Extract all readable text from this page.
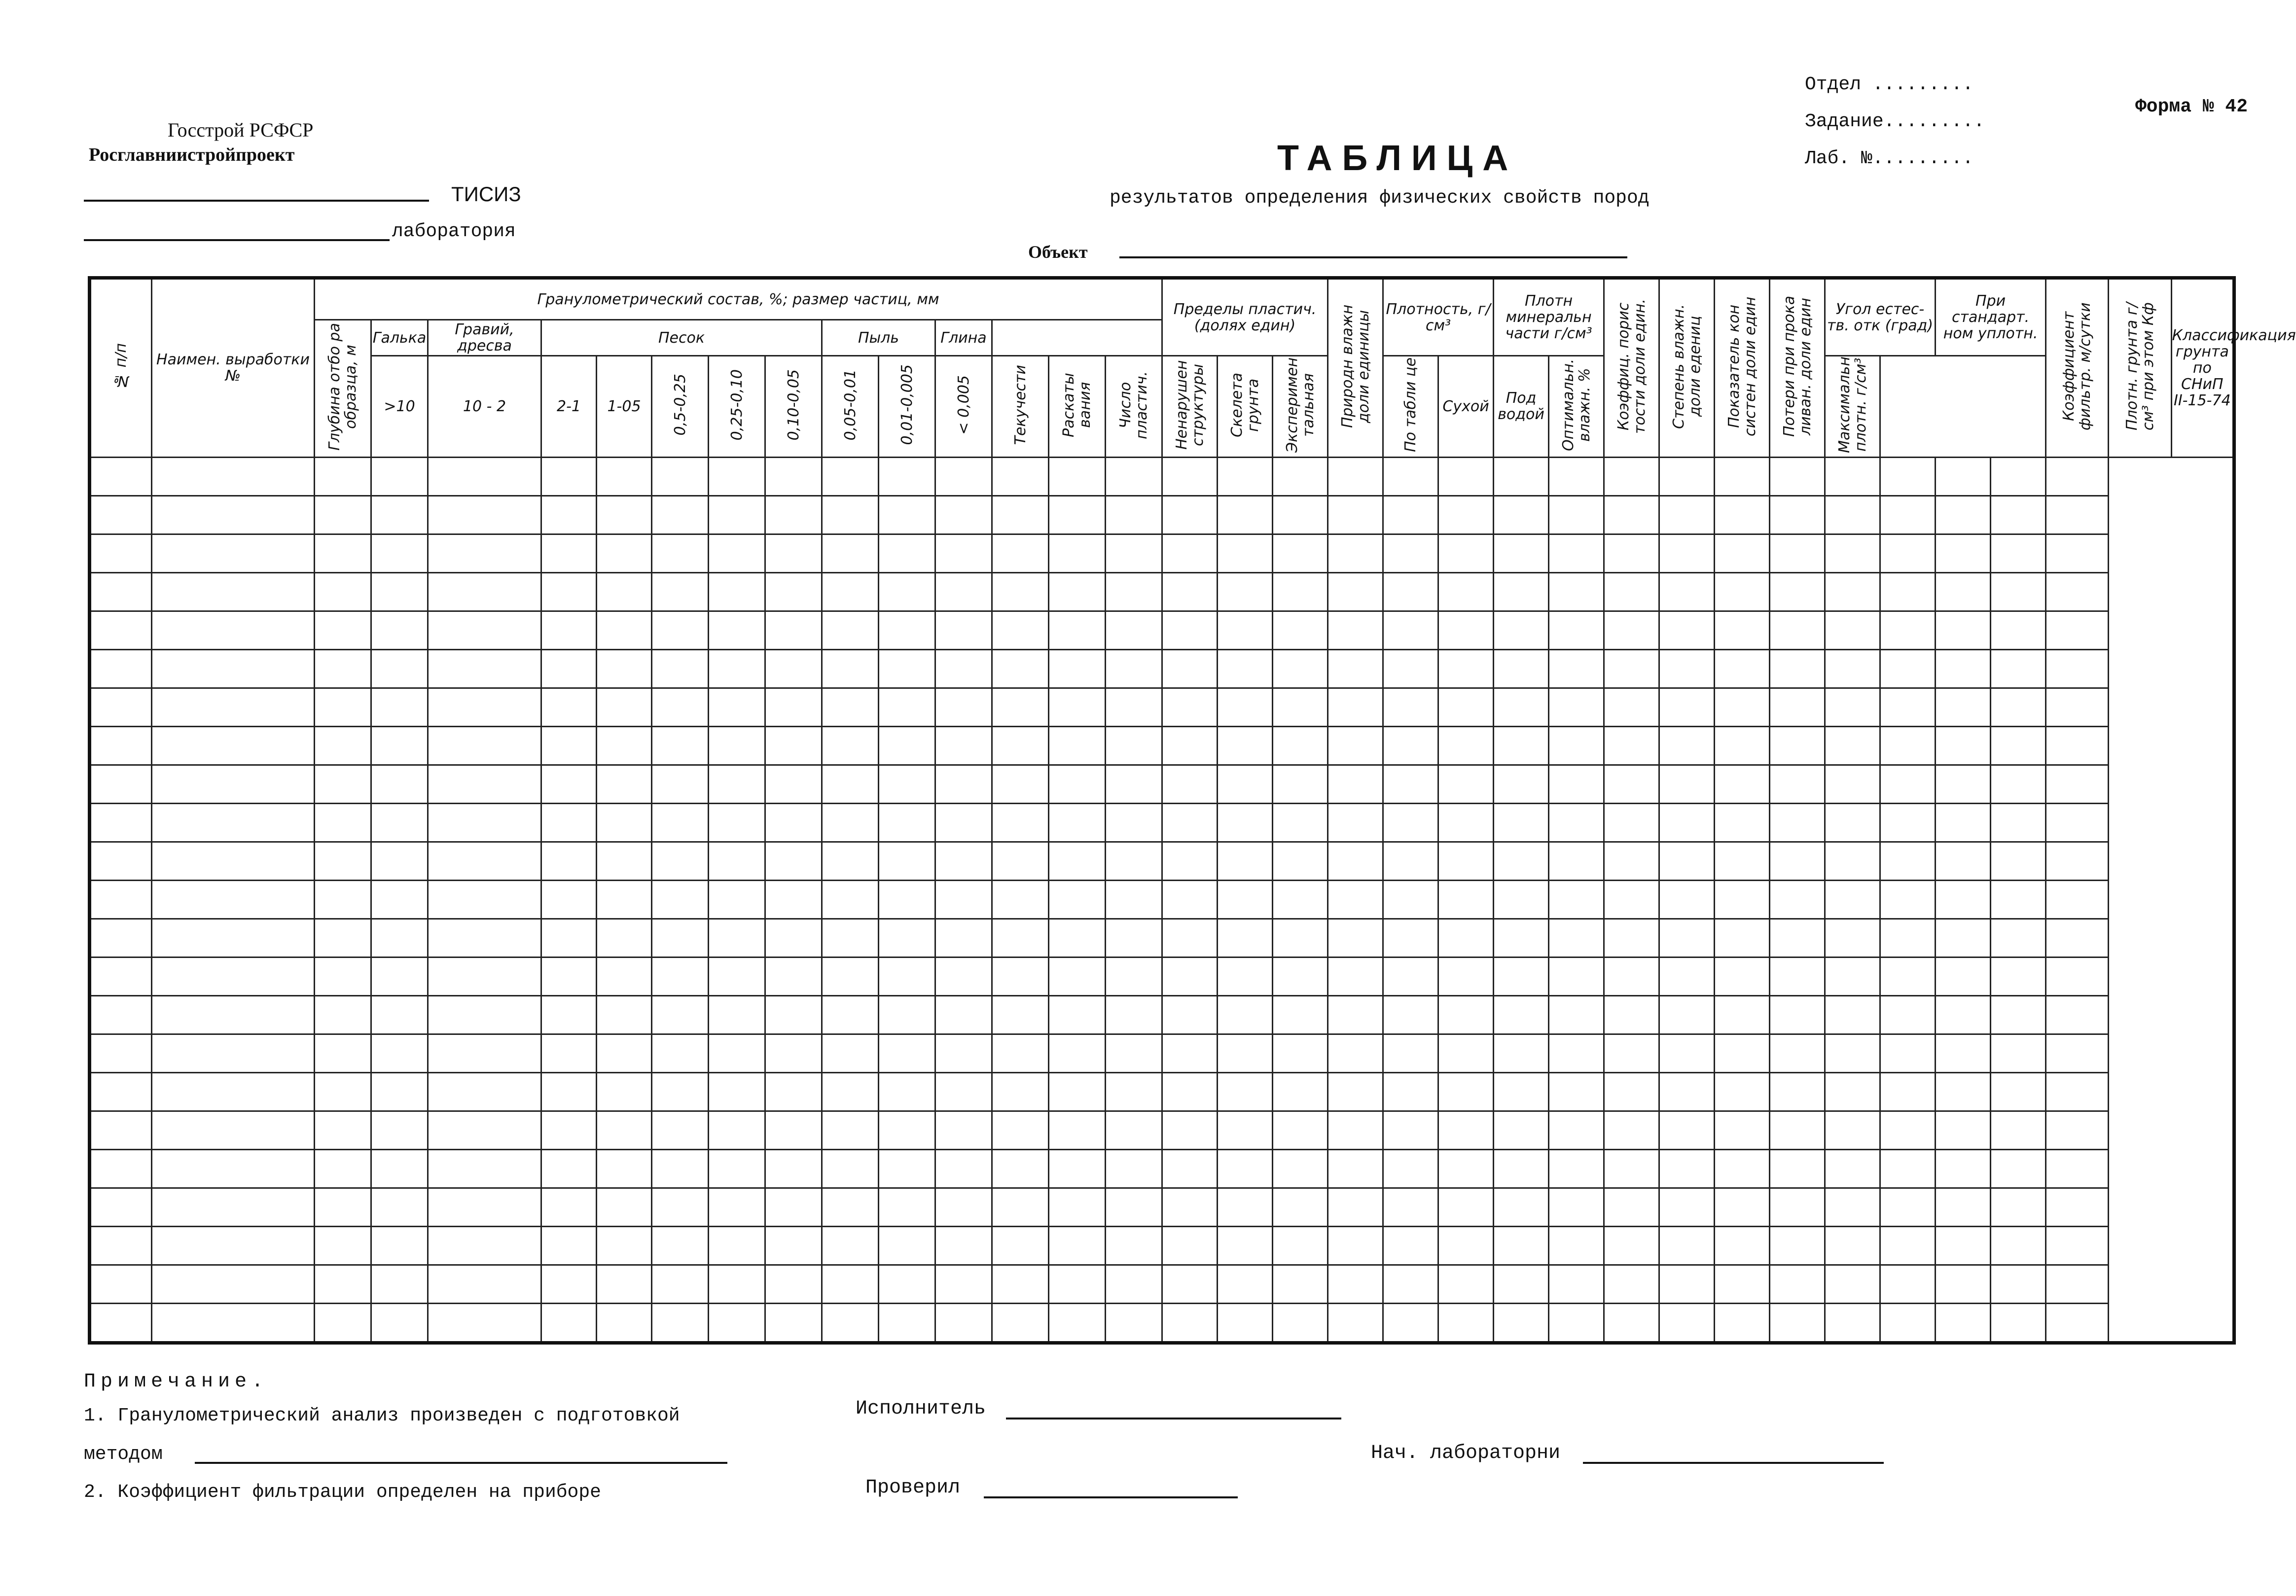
Госстрой РСФСР
Росглавниистройпроект
ТИСИЗ
лаборатория
ТАБЛИЦА
результатов определения физических свойств пород
Объект
Отдел .........
Задание.........
Лаб. №.........
Форма № 42
№ п/п	Наимен. выработки №	Гранулометрический состав, %; размер частиц, мм														Пределы пластич. (долях един)			Природн влажн доли единицы	Плотность, г/см³		Плотн минеральн части г/см³		Коэффиц. порис тости доли един.	Степень влажн. доли едениц	Показатель кон систен доли един	Потери при прока ливан. доли един	Угол естес-тв. отк (град)		При стандарт. ном уплотн.		Коэффициент фильтр. м/сутки	Плотн. грунта г/см³ при этом Кф	Классификация грунта по СНиП II-15-74
		Глубина отбо ра образца, м	Галька	Гравий, дресва	Песок					Пыль		Глина																					
			>10	10 - 2	2-1	1-05	0,5-0,25	0,25-0,10	0,10-0,05	0,05-0,01	0,01-0,005	< 0,005	Текучести	Раскаты вания	Число пластич.	Ненарушен структуры	Скелета грунта	Эксперимен тальная		По табли це	Сухой	Под водой	Оптимальн. влажн. %					Максимальн плотн. г/см³						

Примечание.
1. Гранулометрический анализ произведен с подготовкой
методом
2. Коэффициент фильтрации определен на приборе
Исполнитель
Проверил
Нач. лабораторни
